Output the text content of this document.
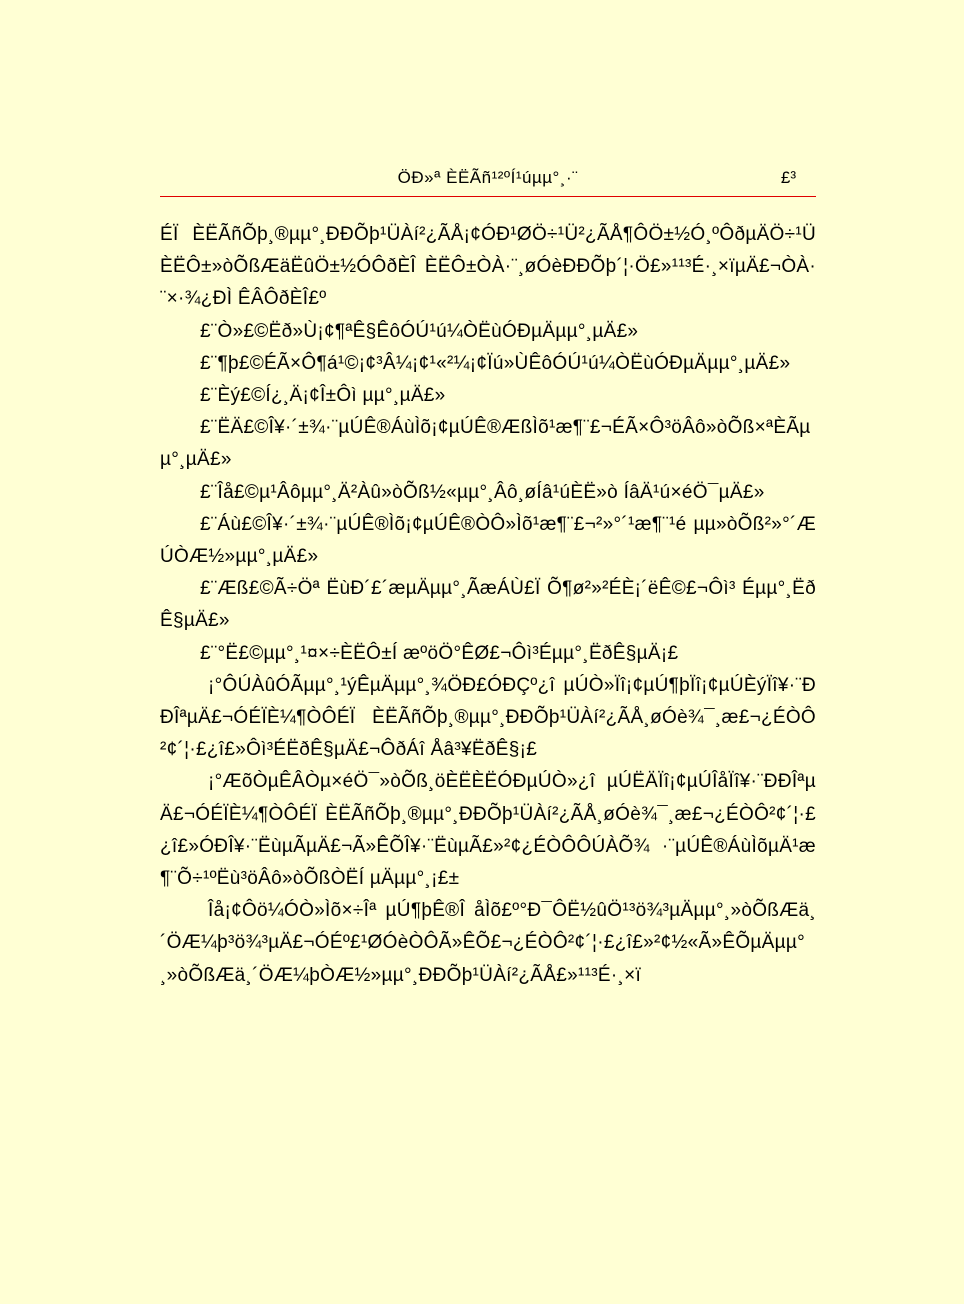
ÖÐ»ª ÈËÃñ¹²ºÍ¹úµµ°¸·¨	£³

ÉÏ ÈËÃñÕþ¸®µµ°¸ÐÐÕþ¹ÜÀí²¿ÃÅ¡¢ÓÐ¹ØÖ÷¹Ü²¿ÃÅ¶ÔÖ±½Ó¸ºÔðµÄÖ÷¹ÜÈËÔ±»òÕßÆäËûÖ±½ÓÔðÈÎ ÈËÔ±ÒÀ·¨¸øÓèÐÐÕþ´¦·Ö£»¹¹³É·¸×ïµÄ£¬ÒÀ·¨×·¾¿ÐÌ ÊÂÔðÈÎ£º

£¨Ò»£©Ëð»Ù¡¢¶ªÊ§ÊôÓÚ¹ú¼ÒËùÓÐµÄµµ°¸µÄ£»

£¨¶þ£©ÉÃ×Ô¶á¹©¡¢³Â¼¡¢¹«²¼¡¢Ïú»ÙÊôÓÚ¹ú¼ÒËùÓÐµÄµµ°¸µÄ£»

£¨Èý£©Í¿¸Ä¡¢Î±Ôì µµ°¸µÄ£»

£¨ËÄ£©Î¥·´±¾·¨µÚÊ®ÁùÌõ¡¢µÚÊ®ÆßÌõ¹æ¶¨£¬ÉÃ×Ô³öÂô»òÕß×ªÈÃµµ°¸µÄ£»

£¨Îå£©µ¹Âôµµ°¸Ä²Àû»òÕß½«µµ°¸Âô¸øÍâ¹úÈË»ò ÍâÄ¹ú×éÖ¯µÄ£»

£¨Áù£©Î¥·´±¾·¨µÚÊ®Ìõ¡¢µÚÊ®ÒÔ»Ìõ¹æ¶¨£¬²»°´¹æ¶¨¹é µµ»òÕß²»°´ÆÚÒÆ½»µµ°¸µÄ£»

£¨Æß£©Ã÷Öª ËùÐ´£´æµÄµµ°¸ÃæÁÙ£Ï Õ¶ø²»²ÉÈ¡´ëÊ©£¬Ôì³ Éµµ°¸ËðÊ§µÄ£»

£¨°Ë£©µµ°¸¹¤×÷ÈËÔ±Í æºöÖ°ÊØ£¬Ôì³Éµµ°¸ËðÊ§µÄ¡£

¡°ÔÚÀûÓÃµµ°¸¹ýÊµÄµµ°¸¾ÖÐ£ÓÐÇº¿î µÚÒ»Ïî¡¢µÚ¶þÏî¡¢µÚÈýÏî¥·¨ÐÐÎªµÄ£¬ÓÉÏÈ¼¶ÒÔÉÏ ÈËÃñÕþ¸®µµ°¸ÐÐÕþ¹ÜÀí²¿ÃÅ¸øÓè¾¯¸æ£¬¿ÉÒÔ²¢´¦·£¿î£»Ôì³ÉËðÊ§µÄ£¬ÔðÁî Åâ³¥ËðÊ§¡£

¡°ÆõÒµÊÂÒµ×éÖ¯»òÕß¸öÈËÈËÓÐµÚÒ»¿î µÚËÄÏî¡¢µÚÎåÏî¥·¨ÐÐÎªµÄ£¬ÓÉÏÈ¼¶ÒÔÉÏ ÈËÃñÕþ¸®µµ°¸ÐÐÕþ¹ÜÀí²¿ÃÅ¸øÓè¾¯¸æ£¬¿ÉÒÔ²¢´¦·£¿î£»ÓÐÎ¥·¨ËùµÃµÄ£¬Ã»ÊÕÎ¥·¨ËùµÃ£»²¢¿ÉÒÔÔÚÀÕ¾ ·¨µÚÊ®ÁùÌõµÄ¹æ¶¨Õ÷¹ºËù³öÂô»òÕßÒËÍ µÄµµ°¸¡£±

Îå¡¢Ôö¼ÓÒ»Ìõ×÷Îª µÚ¶þÊ®Î åÌõ£º°Ð¯ÔË½ûÖ¹³ö¾³µÄµµ°¸»òÕßÆä¸´ÖÆ¼þ³ö¾³µÄ£¬ÓÉº£¹ØÓèÒÔÃ»ÊÕ£¬¿ÉÒÔ²¢´¦·£¿î£»²¢½«Ã»ÊÕµÄµµ°¸»òÕßÆä¸´ÖÆ¼þÒÆ½»µµ°¸ÐÐÕþ¹ÜÀí²¿ÃÅ£»¹¹³É·¸×ï
